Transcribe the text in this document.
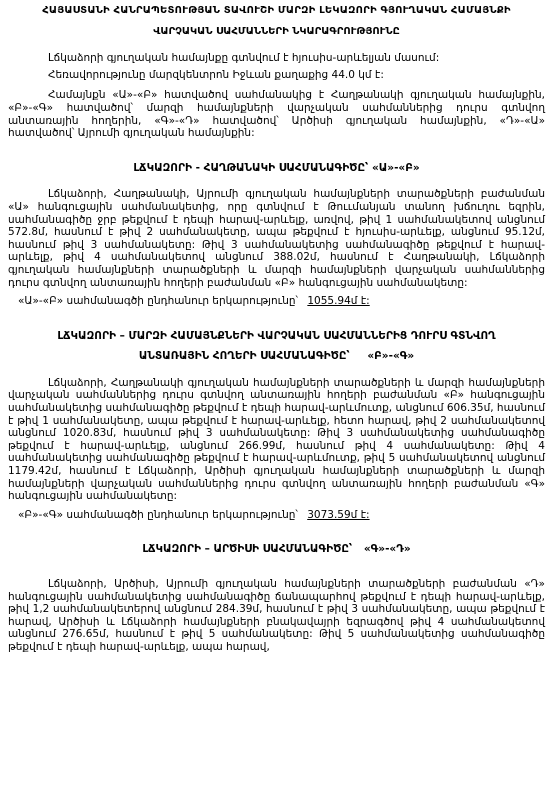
ՀԱՅԱՍՏԱՆԻ ՀԱՆՐԱՊԵՏՈՒԹՅԱՆ ՏԱՎՈՒՇԻ ՄԱՐԶԻ ԼԵԿԱԶՈՐԻ ԳՅՈՒՂԱԿԱՆ ՀԱՄԱՅՆՔԻ
ՎԱՐՉԱԿԱՆ ՍԱՀՄԱՆՆԵՐԻ ՆԿԱՐԱԳՐՈՒԹՅՈՒՆԸ

Լճկաձորի գյուղական համայնքը գտնվում է հյուսիս-արևելյան մասում:

Հեռավորությունը մարզկենտրոն Իջևան քաղաքից 44.0 կմ է:

Համայնքն «Ա»-«Բ» հատվածով սահմանակից է Հաղթանակի գյուղական համայնքին, «Բ»-«Գ» հատվածով՝ մարզի համայնքների վարչական սահմաններից դուրս գտնվող անտառային հողերին, «Գ»-«Դ» հատվածով՝ Արծիսի գյուղական համայնքին, «Դ»-«Ա» հատվածով՝ Այրումի գյուղական համայնքին:

ԼՃԿԱԶՈՐԻ - ՀԱՂԹԱՆԱԿԻ ՍԱՀՄԱՆԱԳԻԾԸ՝ «Ա»-«Բ»

Լճկաձորի, Հաղթանակի, Այրումի գյուղական համայնքների տարածքների բաժանման «Ա» հանգուցային սահմանակետից, որը գտնվում է Թոււմանյան տանող խճուղու եզրին, սահմանագիծը ջրբ թեքվում է դեպի հարավ-արևելք, առվով, թիվ 1 սահմանակետով անցնում 572.8մ, հասնում է թիվ 2 սահմանակետը, ապա թեքվում է հյուսիս-արևելք, անցնում 95.12մ, հասնում թիվ 3 սահմանակետը: Թիվ 3 սահմանակետից սահմանագիծը թեքվում է հարավ-արևելք, թիվ 4 սահմանակետով անցնում 388.02մ, հասնում է Հաղթանակի, Լճկաձորի գյուղական համայնքների տարածքների և մարզի համայնքների վարչական սահմաններից դուրս գտնվող անտառային հողերի բաժանման «Բ» հանգուցային սահմանակետը:

«Ա»-«Բ» սահմանագծի ընդհանուր երկարությունը՝ 1055.94մ է:

ԼՃԿԱԶՈՐԻ – ՄԱՐԶԻ ՀԱՄԱՅՆՔՆԵՐԻ ՎԱՐՉԱԿԱՆ ՍԱՀՄԱՆՆԵՐԻՑ ԴՈՒՐՍ ԳՏՆՎՈՂ
ԱՆՏԱՌԱՅԻՆ ՀՈՂԵՐԻ ՍԱՀՄԱՆԱԳԻԾԸ՝ «Բ»-«Գ»

Լճկաձորի, Հաղթանակի գյուղական համայնքների տարածքների և մարզի համայնքների վարչական սահմաններից դուրս գտնվող անտառային հողերի բաժանման «Բ» հանգուցային սահմանակետից սահմանագիծը թեքվում է դեպի հարավ-արևմուտք, անցնում 606.35մ, հասնում է թիվ 1 սահմանակետը, ապա թեքվում է հարավ-արևելք, հետո հարավ, թիվ 2 սահմանակետով անցնում 1020.83մ, հասնում թիվ 3 սահմանակետը: Թիվ 3 սահմանակետից սահմանագիծը թեքվում է հարավ-արևելք, անցնում 266.99մ, հասնում թիվ 4 սահմանակետը: Թիվ 4 սահմանակետից սահմանագիծը թեքվում է հարավ-արևմուտք, թիվ 5 սահմանակետով անցնում 1179.42մ, հասնում է Լճկաձորի, Արծիսի գյուղական համայնքների տարածքների և մարզի համայնքների վարչական սահմաններից դուրս գտնվող անտառային հողերի բաժանման «Գ» հանգուցային սահմանակետը:

«Բ»-«Գ» սահմանագծի ընդհանուր երկարությունը՝ 3073.59մ է:

ԼՃԿԱԶՈՐԻ – ԱՐԾԻՍԻ ՍԱՀՄԱՆԱԳԻԾԸ՝ «Գ»-«Դ»

Լճկաձորի, Արծիսի, Այրումի գյուղական համայնքների տարածքների բաժանման «Դ» հանգուցային սահմանակետից սահմանագիծը ճանապարհով թեքվում է դեպի հարավ-արևելք, թիվ 1,2 սահմանակետերով անցնում 284.39մ, հասնում է թիվ 3 սահմանակետը, ապա թեքվում է հարավ, Արծիսի և Լճկաձորի համայնքների բնակավայրի եզրագծով թիվ 4 սահմանակետով անցնում 276.65մ, հասնում է թիվ 5 սահմանակետը: Թիվ 5 սահմանակետից սահմանագիծը թեքվում է դեպի հարավ-արևելք, ապա հարավ,
